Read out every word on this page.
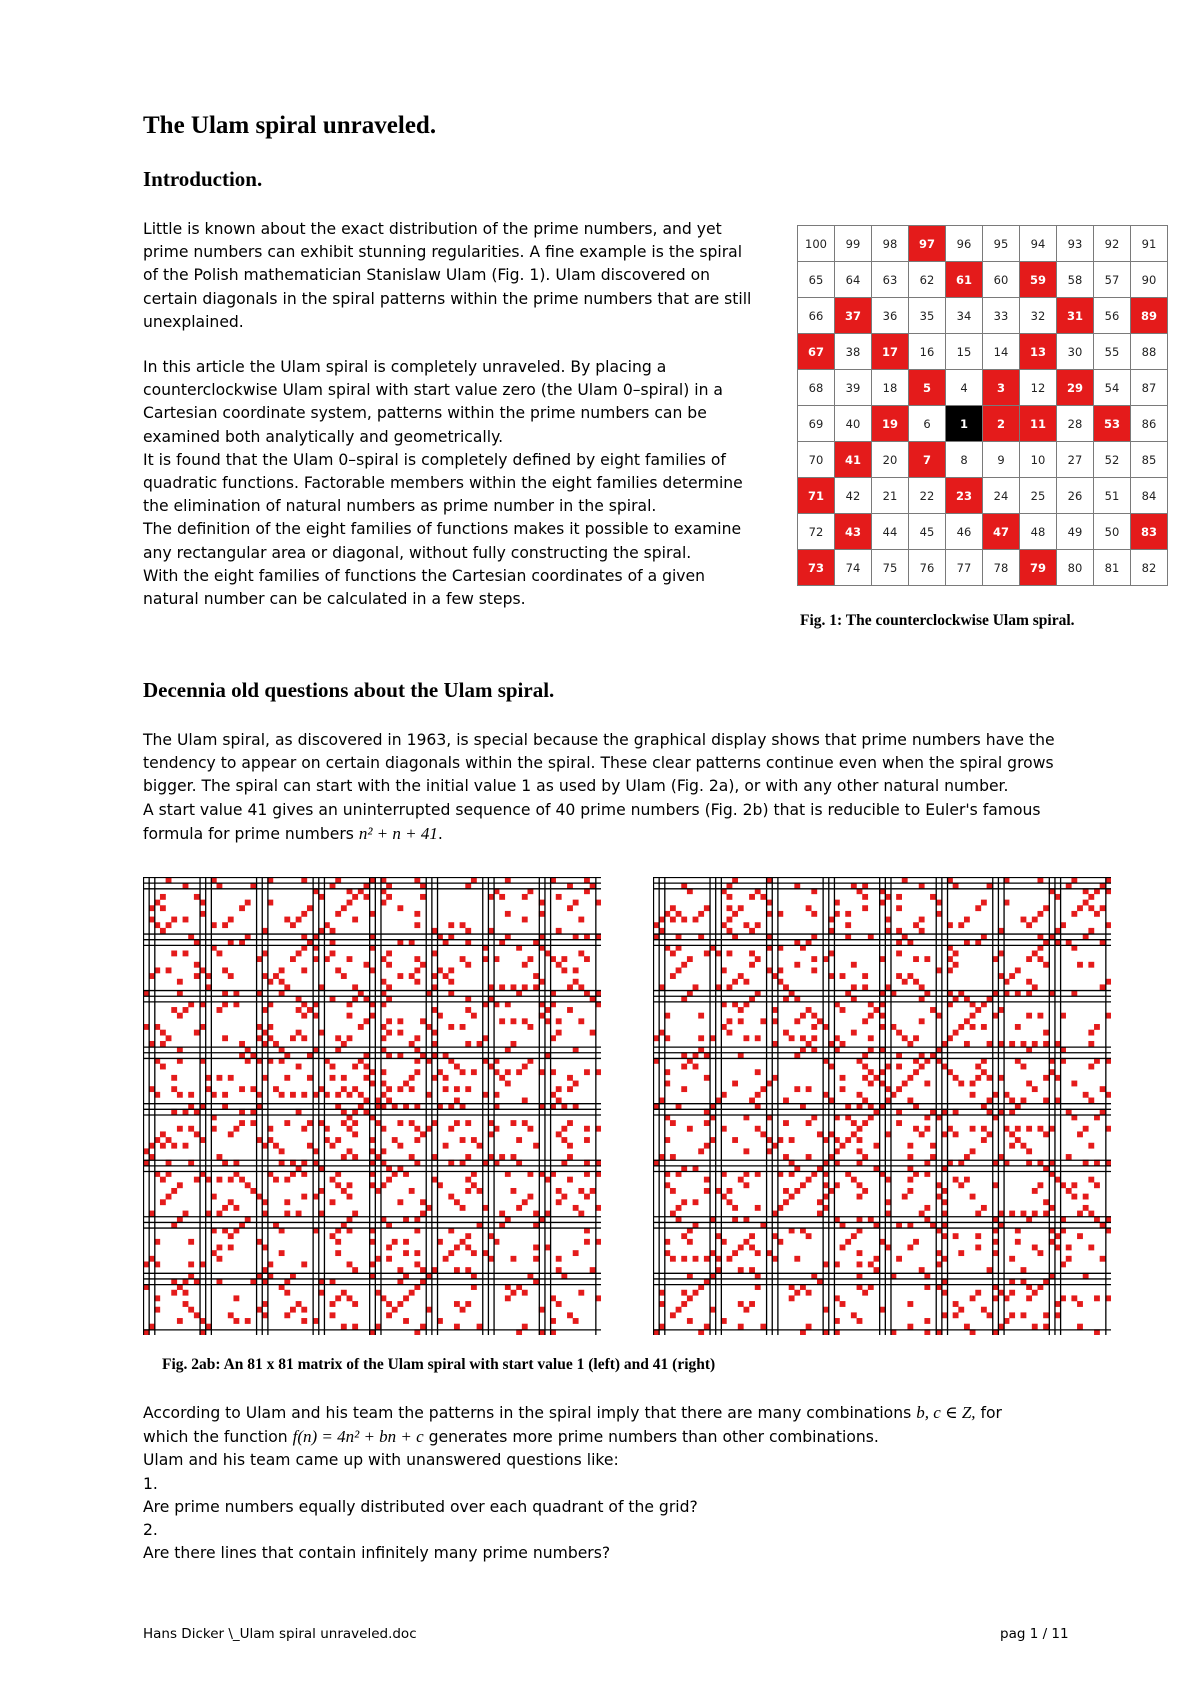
The Ulam spiral unraveled.
Introduction.
Little is known about the exact distribution of the prime numbers, and yet
prime numbers can exhibit stunning regularities. A fine example is the spiral
of the Polish mathematician Stanislaw Ulam (Fig. 1). Ulam discovered on
certain diagonals in the spiral patterns within the prime numbers that are still
unexplained.
In this article the Ulam spiral is completely unraveled. By placing a
counterclockwise Ulam spiral with start value zero (the Ulam 0–spiral) in a
Cartesian coordinate system, patterns within the prime numbers can be
examined both analytically and geometrically.
It is found that the Ulam 0–spiral is completely defined by eight families of
quadratic functions. Factorable members within the eight families determine
the elimination of natural numbers as prime number in the spiral.
The definition of the eight families of functions makes it possible to examine
any rectangular area or diagonal, without fully constructing the spiral.
With the eight families of functions the Cartesian coordinates of a given
natural number can be calculated in a few steps.
100	99	98	97	96	95	94	93	92	91
65	64	63	62	61	60	59	58	57	90
66	37	36	35	34	33	32	31	56	89
67	38	17	16	15	14	13	30	55	88
68	39	18	5	4	3	12	29	54	87
69	40	19	6	1	2	11	28	53	86
70	41	20	7	8	9	10	27	52	85
71	42	21	22	23	24	25	26	51	84
72	43	44	45	46	47	48	49	50	83
73	74	75	76	77	78	79	80	81	82
Fig. 1: The counterclockwise Ulam spiral.
Decennia old questions about the Ulam spiral.
The Ulam spiral, as discovered in 1963, is special because the graphical display shows that prime numbers have the
tendency to appear on certain diagonals within the spiral. These clear patterns continue even when the spiral grows
bigger. The spiral can start with the initial value 1 as used by Ulam (Fig. 2a), or with any other natural number.
A start value 41 gives an uninterrupted sequence of 40 prime numbers (Fig. 2b) that is reducible to Euler's famous
formula for prime numbers n² + n + 41.
Fig. 2ab: An 81 x 81 matrix of the Ulam spiral with start value 1 (left) and 41 (right)
According to Ulam and his team the patterns in the spiral imply that there are many combinations b, c ∈ Z, for
which the function f(n) = 4n² + bn + c generates more prime numbers than other combinations.
Ulam and his team came up with unanswered questions like:
1.
Are prime numbers equally distributed over each quadrant of the grid?
2.
Are there lines that contain infinitely many prime numbers?
Hans Dicker \_Ulam spiral unraveled.doc	pag 1 / 11
